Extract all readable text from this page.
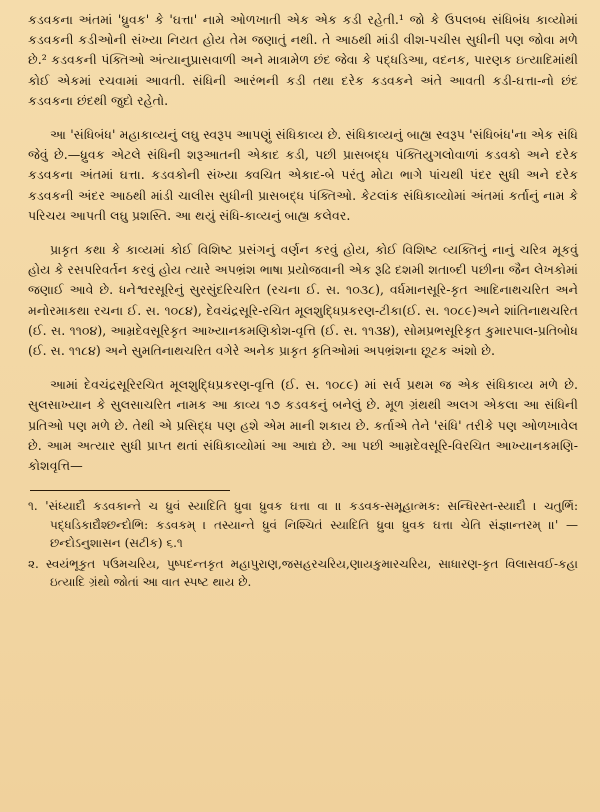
કડવકના અંતમાં 'ધ્રુવક' કે 'ઘત્તા' નામે ઓળખાતી એક એક કડી રહેતી.¹ જો કે ઉપલબ્ધ સંધિબંધ કાવ્યોમાં કડવકની કડીઓની સંખ્યા નિયત હોય તેમ જણાતું નથી. તે આઠથી માંડી વીશ-પચીસ સુધીની પણ જોવા મળે છે.² કડવકની પંક્તિઓ અંત્યાનુપ્રાસવાળી અને માત્રામેળ છંદ જેવા કે પદ્ધડિઆ, વદનક, પારણક ઇત્યાદિમાંથી કોઈ એકમાં રચવામાં આવતી. સંધિની આરંભની કડી તથા દરેક કડવકને અંતે આવતી કડી-ઘત્તા-નો છંદ કડવકના છંદથી જુદો રહેતો.

આ 'સંધિબંધ' મહાકાવ્યનું લઘુ સ્વરૂપ આપણું સંધિકાવ્ય છે. સંધિકાવ્યનું બાહ્ય સ્વરૂપ 'સંધિબંધ'ના એક સંધિ જેવું છે.—ધ્રુવક એટલે સંધિની શરૂઆતની એકાદ કડી, પછી પ્રાસબદ્ધ પંક્તિયુગલોવાળાં કડવકો અને દરેક કડવકના અંતમાં ઘત્તા. કડવકોની સંખ્યા ક્વચિત એકાદ-બે પરંતુ મોટા ભાગે પાંચથી પંદર સુધી અને દરેક કડવકની અંદર આઠથી માંડી ચાલીસ સુધીની પ્રાસબદ્ધ પંક્તિઓ. કેટલાંક સંધિકાવ્યોમાં અંતમાં કર્તાનું નામ કે પરિચય આપતી લઘુ પ્રશસ્તિ. આ થયું સંધિ-કાવ્યનું બાહ્ય કલેવર.

પ્રાકૃત કથા કે કાવ્યમાં કોઈ વિશિષ્ટ પ્રસંગનું વર્ણન કરવું હોય, કોઈ વિશિષ્ટ વ્યક્તિનું નાનું ચરિત્ર મૂકવું હોય કે રસપરિવર્તન કરવું હોય ત્યારે અપભ્રંશ ભાષા પ્રયોજવાની એક રૂઢિ દશમી શતાબ્દી પછીના જૈન લેખકોમાં જણાઈ આવે છે. ધનેશ્વરસૂરિનું સુરસુંદરિચરિત (રચના ઈ. સ. ૧૦૩૮), વર્ધમાનસૂરિ-કૃત આદિનાથચરિત અને મનોરમાકથા રચના ઈ. સ. ૧૦૮૪), દેવચંદ્રસૂરિ-રચિત મૂલશુદ્ધિપ્રકરણ-ટીકા(ઈ. સ. ૧૦૮૯)અને શાંતિનાથચરિત (ઈ. સ. ૧૧૦૪), આમ્રદેવસૂરિકૃત આખ્યાનકમણિકોશ-વૃત્તિ (ઈ. સ. ૧૧૩૪), સોમપ્રભસૂરિકૃત કુમારપાલ-પ્રતિબોધ (ઈ. સ. ૧૧૮૪) અને સુમતિનાથચરિત વગેરે અનેક પ્રાકૃત કૃતિઓમાં અપભ્રંશના છૂટક અંશો છે.

આમાં દેવચંદ્રસૂરિરચિત મૂલશુદ્ધિપ્રકરણ-વૃત્તિ (ઈ. સ. ૧૦૮૯) માં સર્વ પ્રથમ જ એક સંધિકાવ્ય મળે છે. સુલસાખ્યાન કે સુલસાચરિત નામક આ કાવ્ય ૧૭ કડવકનું બનેલું છે. મૂળ ગ્રંથથી અલગ એકલા આ સંધિની પ્રતિઓ પણ મળે છે. તેથી એ પ્રસિદ્ધ પણ હશે એમ માની શકાય છે. કર્તાએ તેને 'સંધિ' તરીકે પણ ઓળખાવેલ છે. આમ અત્યાર સુધી પ્રાપ્ત થતાં સંધિકાવ્યોમાં આ આદ્ય છે. આ પછી આમ્રદેવસૂરિ-વિરચિત આખ્યાનકમણિ-કોશવૃત્તિ—

૧. 'સંધ્યાદૌ કડવકાન્તે ચ ધ્રુવં સ્યાદિતિ ધ્રુવા ધ્રુવક ઘત્તા વા ॥ કડવક-સમૂહાત્મક: સન્ધિરસ્ત-સ્યાદૌ । ચતુર્ભિ: પદ્ધડિકાદ્યૈશ્છન્દોભિ: કડવકમ્ । તસ્યાન્તે ધ્રુવં નિશ્ચિતં સ્યાદિતિ ધ્રુવા ધ્રુવક ઘત્તા ચેતિ સંજ્ઞાન્તરમ્ ॥' —છન્દોઽનુશાસન (સટીક) ૬.૧

૨. સ્વયંભૂકૃત પઉમચરિય, પુષ્પદન્તકૃત મહાપુરાણ,જસહરચરિય,ણાયકુમારચરિય, સાધારણ-કૃત વિલાસવઈ-કહા ઇત્યાદિ ગ્રંથો જોતાં આ વાત સ્પષ્ટ થાય છે.
